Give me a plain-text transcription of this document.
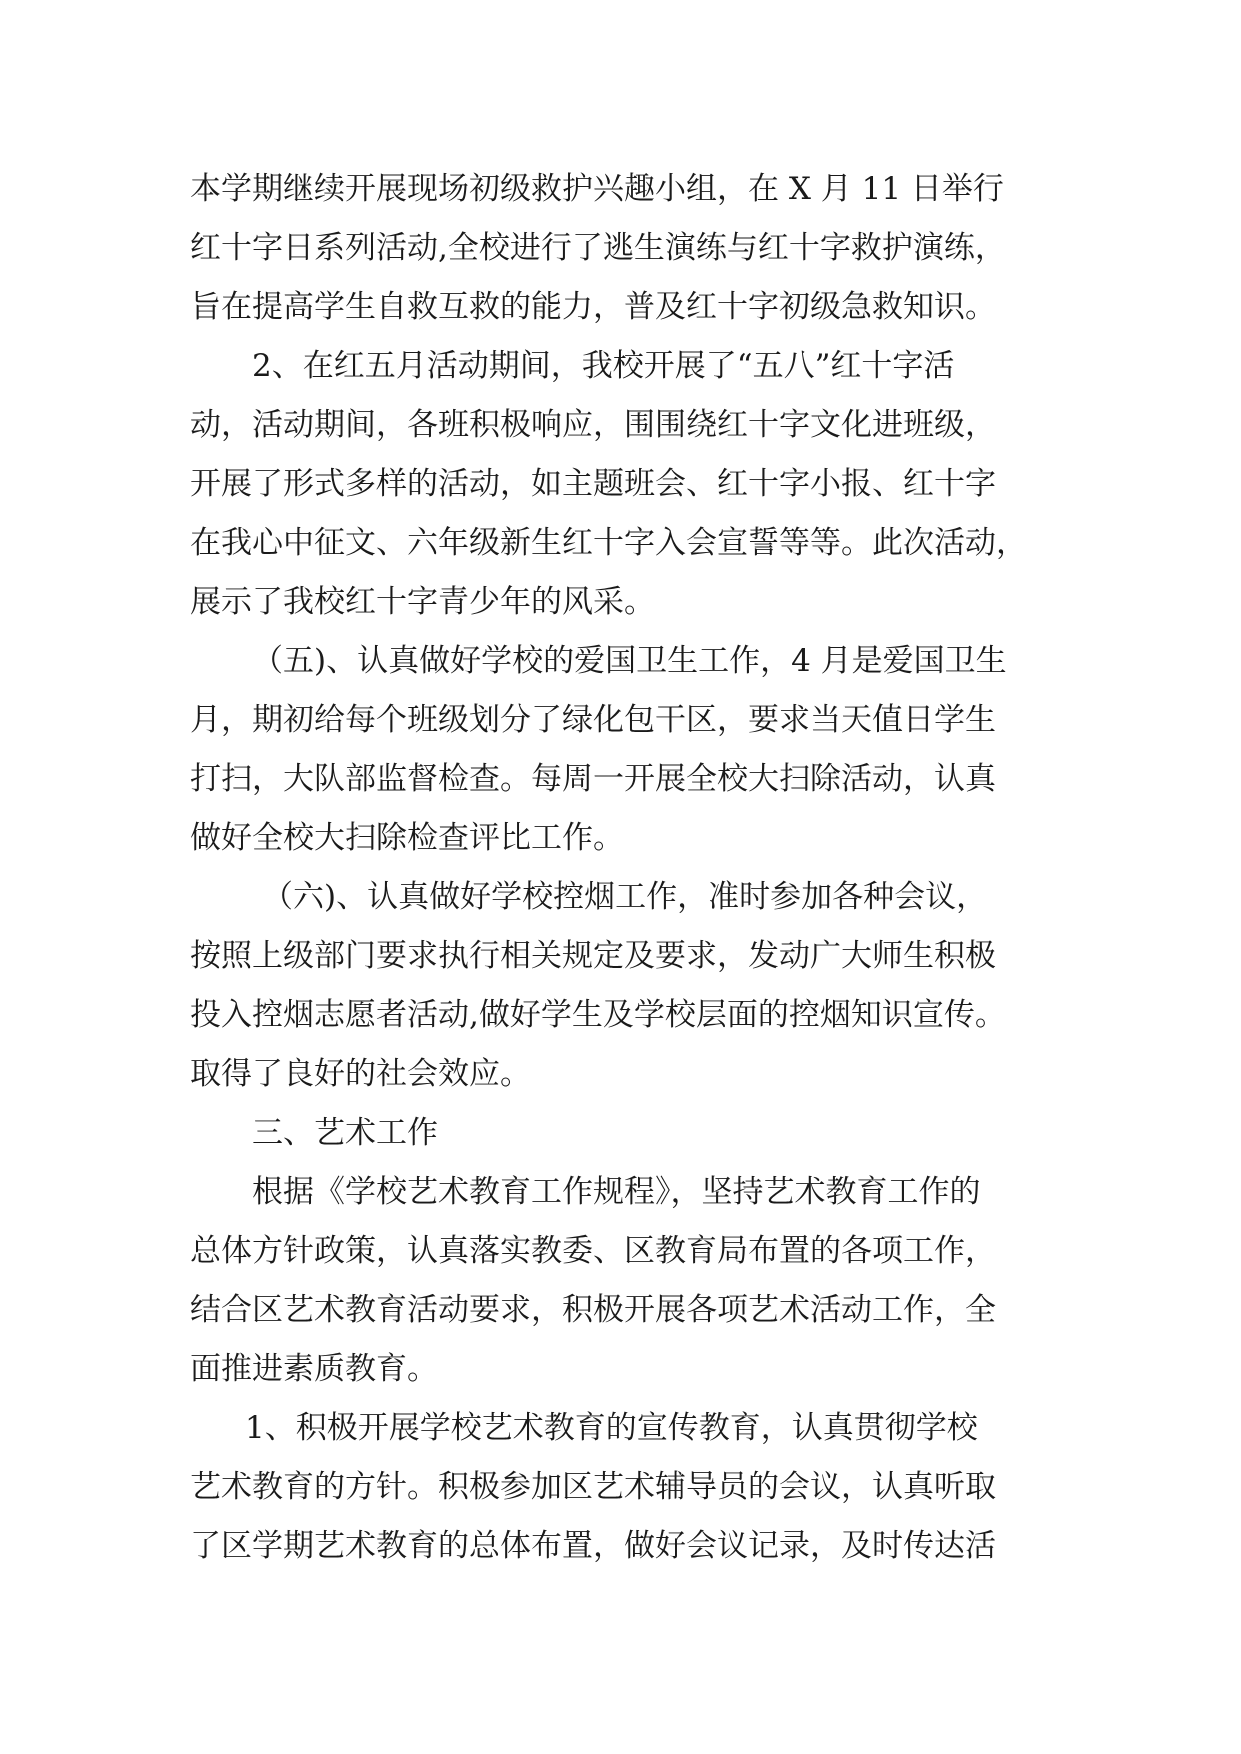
本学期继续开展现场初级救护兴趣小组，在 X 月 11 日举行
红十字日系列活动,全校进行了逃生演练与红十字救护演练，
旨在提高学生自救互救的能力，普及红十字初级急救知识。
2、在红五月活动期间，我校开展了“五八”红十字活
动，活动期间，各班积极响应，围围绕红十字文化进班级，
开展了形式多样的活动，如主题班会、红十字小报、红十字
在我心中征文、六年级新生红十字入会宣誓等等。此次活动，
展示了我校红十字青少年的风采。
（五)、认真做好学校的爱国卫生工作，4 月是爱国卫生
月，期初给每个班级划分了绿化包干区，要求当天值日学生
打扫，大队部监督检查。每周一开展全校大扫除活动，认真
做好全校大扫除检查评比工作。
（六)、认真做好学校控烟工作，准时参加各种会议，
按照上级部门要求执行相关规定及要求，发动广大师生积极
投入控烟志愿者活动,做好学生及学校层面的控烟知识宣传。
取得了良好的社会效应。
三、艺术工作
根据《学校艺术教育工作规程》，坚持艺术教育工作的
总体方针政策，认真落实教委、区教育局布置的各项工作，
结合区艺术教育活动要求，积极开展各项艺术活动工作，全
面推进素质教育。
1、积极开展学校艺术教育的宣传教育，认真贯彻学校
艺术教育的方针。积极参加区艺术辅导员的会议，认真听取
了区学期艺术教育的总体布置，做好会议记录，及时传达活
